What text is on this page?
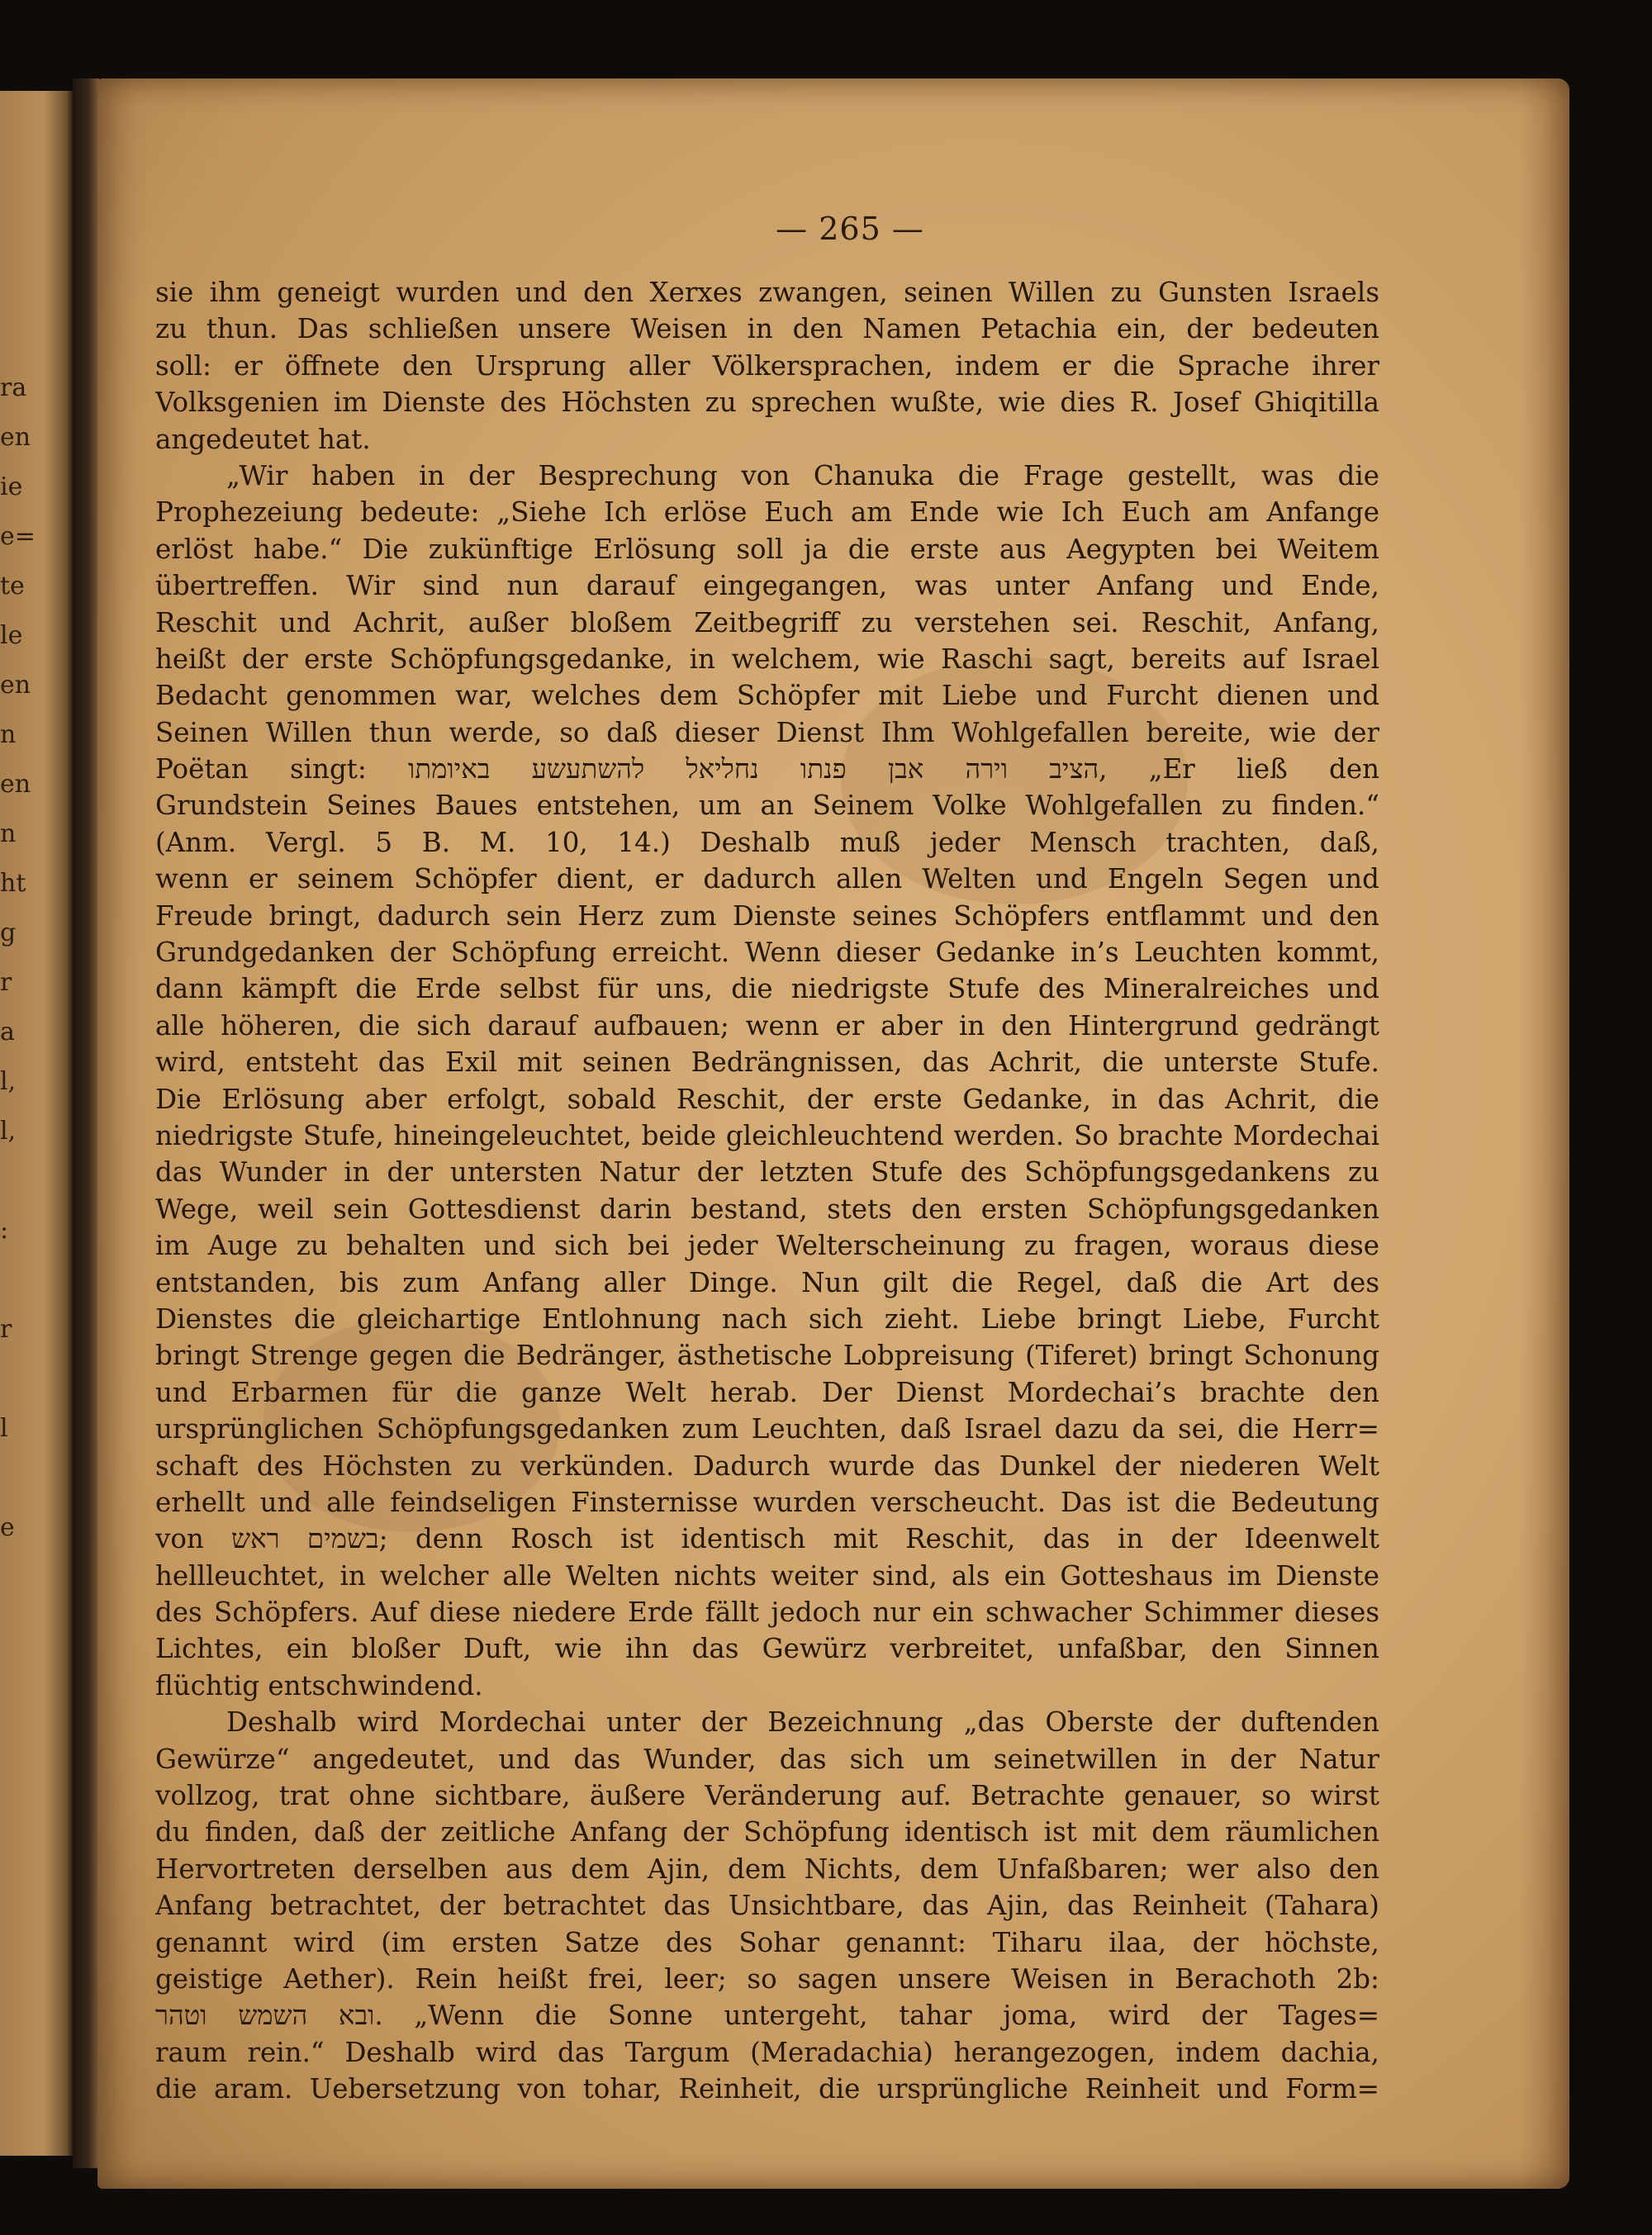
ra
en
ie
e=
te
le
en
n
en
n
ht
g
r
a
l,
l,
:
r
l
e
— 265 —
sie ihm geneigt wurden und den Xerxes zwangen, seinen Willen zu Gunsten Israels
zu thun. Das schließen unsere Weisen in den Namen Petachia ein, der bedeuten
soll: er öffnete den Ursprung aller Völkersprachen, indem er die Sprache ihrer
Volksgenien im Dienste des Höchsten zu sprechen wußte, wie dies R. Josef Ghiqitilla
angedeutet hat.
„Wir haben in der Besprechung von Chanuka die Frage gestellt, was die
Prophezeiung bedeute: „Siehe Ich erlöse Euch am Ende wie Ich Euch am Anfange
erlöst habe.“ Die zukünftige Erlösung soll ja die erste aus Aegypten bei Weitem
übertreffen. Wir sind nun darauf eingegangen, was unter Anfang und Ende,
Reschit und Achrit, außer bloßem Zeitbegriff zu verstehen sei. Reschit, Anfang,
heißt der erste Schöpfungsgedanke, in welchem, wie Raschi sagt, bereits auf Israel
Bedacht genommen war, welches dem Schöpfer mit Liebe und Furcht dienen und
Seinen Willen thun werde, so daß dieser Dienst Ihm Wohlgefallen bereite, wie der
Poëtan singt: הציב וירה אבן פנתו נחליאל להשתעשע באיומתו, „Er ließ den
Grundstein Seines Baues entstehen, um an Seinem Volke Wohlgefallen zu finden.“
(Anm. Vergl. 5 B. M. 10, 14.) Deshalb muß jeder Mensch trachten, daß,
wenn er seinem Schöpfer dient, er dadurch allen Welten und Engeln Segen und
Freude bringt, dadurch sein Herz zum Dienste seines Schöpfers entflammt und den
Grundgedanken der Schöpfung erreicht. Wenn dieser Gedanke in’s Leuchten kommt,
dann kämpft die Erde selbst für uns, die niedrigste Stufe des Mineralreiches und
alle höheren, die sich darauf aufbauen; wenn er aber in den Hintergrund gedrängt
wird, entsteht das Exil mit seinen Bedrängnissen, das Achrit, die unterste Stufe.
Die Erlösung aber erfolgt, sobald Reschit, der erste Gedanke, in das Achrit, die
niedrigste Stufe, hineingeleuchtet, beide gleichleuchtend werden. So brachte Mordechai
das Wunder in der untersten Natur der letzten Stufe des Schöpfungsgedankens zu
Wege, weil sein Gottesdienst darin bestand, stets den ersten Schöpfungsgedanken
im Auge zu behalten und sich bei jeder Welterscheinung zu fragen, woraus diese
entstanden, bis zum Anfang aller Dinge. Nun gilt die Regel, daß die Art des
Dienstes die gleichartige Entlohnung nach sich zieht. Liebe bringt Liebe, Furcht
bringt Strenge gegen die Bedränger, ästhetische Lobpreisung (Tiferet) bringt Schonung
und Erbarmen für die ganze Welt herab. Der Dienst Mordechai’s brachte den
ursprünglichen Schöpfungsgedanken zum Leuchten, daß Israel dazu da sei, die Herr=
schaft des Höchsten zu verkünden. Dadurch wurde das Dunkel der niederen Welt
erhellt und alle feindseligen Finsternisse wurden verscheucht. Das ist die Bedeutung
von בשמים ראש; denn Rosch ist identisch mit Reschit, das in der Ideenwelt
hellleuchtet, in welcher alle Welten nichts weiter sind, als ein Gotteshaus im Dienste
des Schöpfers. Auf diese niedere Erde fällt jedoch nur ein schwacher Schimmer dieses
Lichtes, ein bloßer Duft, wie ihn das Gewürz verbreitet, unfaßbar, den Sinnen
flüchtig entschwindend.
Deshalb wird Mordechai unter der Bezeichnung „das Oberste der duftenden
Gewürze“ angedeutet, und das Wunder, das sich um seinetwillen in der Natur
vollzog, trat ohne sichtbare, äußere Veränderung auf. Betrachte genauer, so wirst
du finden, daß der zeitliche Anfang der Schöpfung identisch ist mit dem räumlichen
Hervortreten derselben aus dem Ajin, dem Nichts, dem Unfaßbaren; wer also den
Anfang betrachtet, der betrachtet das Unsichtbare, das Ajin, das Reinheit (Tahara)
genannt wird (im ersten Satze des Sohar genannt: Tiharu ilaa, der höchste,
geistige Aether). Rein heißt frei, leer; so sagen unsere Weisen in Berachoth 2b:
ובא השמש וטהר. „Wenn die Sonne untergeht, tahar joma, wird der Tages=
raum rein.“ Deshalb wird das Targum (Meradachia) herangezogen, indem dachia,
die aram. Uebersetzung von tohar, Reinheit, die ursprüngliche Reinheit und Form=
